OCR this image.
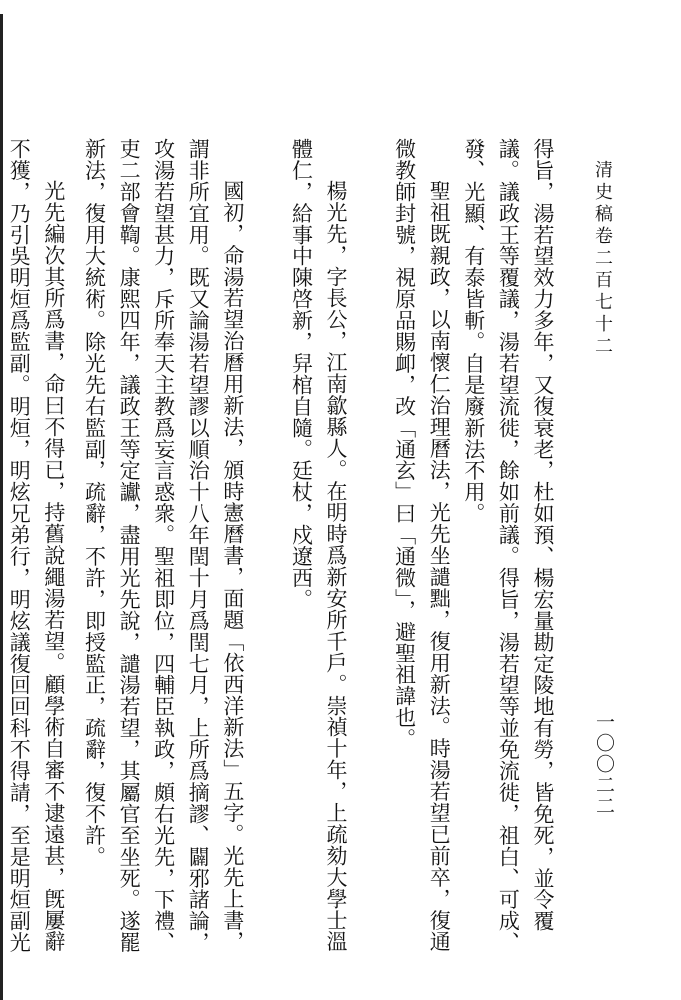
清史稿卷二百七十二
一〇〇二二

得旨，湯若望效力多年，又復衰老，杜如預、楊宏量勘定陵地有勞，皆免死，並令覆議。議政王等覆議，湯若望流徙，餘如前議。得旨，湯若望等並免流徙，祖白、可成、發、光顯、有泰皆斬。自是廢新法不用。

聖祖既親政，以南懷仁治理曆法，光先坐譴黜，復用新法。時湯若望已前卒，復通微教師封號，視原品賜卹，改「通玄」曰「通微」，避聖祖諱也。

楊光先，字長公，江南歙縣人。在明時爲新安所千戶。崇禎十年，上疏劾大學士溫體仁，給事中陳啓新，舁棺自隨。廷杖，戍遼西。

國初，命湯若望治曆用新法，頒時憲曆書，面題「依西洋新法」五字。光先上書，謂非所宜用。既又論湯若望謬以順治十八年閏十月爲閏七月，上所爲摘謬、闢邪諸論，攻湯若望甚力，斥所奉天主教爲妄言惑衆。聖祖即位，四輔臣執政，頗右光先，下禮、吏二部會鞫。康熙四年，議政王等定讞，盡用光先說，譴湯若望，其屬官至坐死。遂罷新法，復用大統術。除光先右監副，疏辭，不許，即授監正，疏辭，復不許。

光先編次其所爲書，命曰不得已，持舊說繩湯若望。顧學術自審不逮遠甚，旣屢辭不獲，乃引吳明烜爲監副。明烜，明炫兄弟行，明炫議復回回科不得請，至是明烜副光
